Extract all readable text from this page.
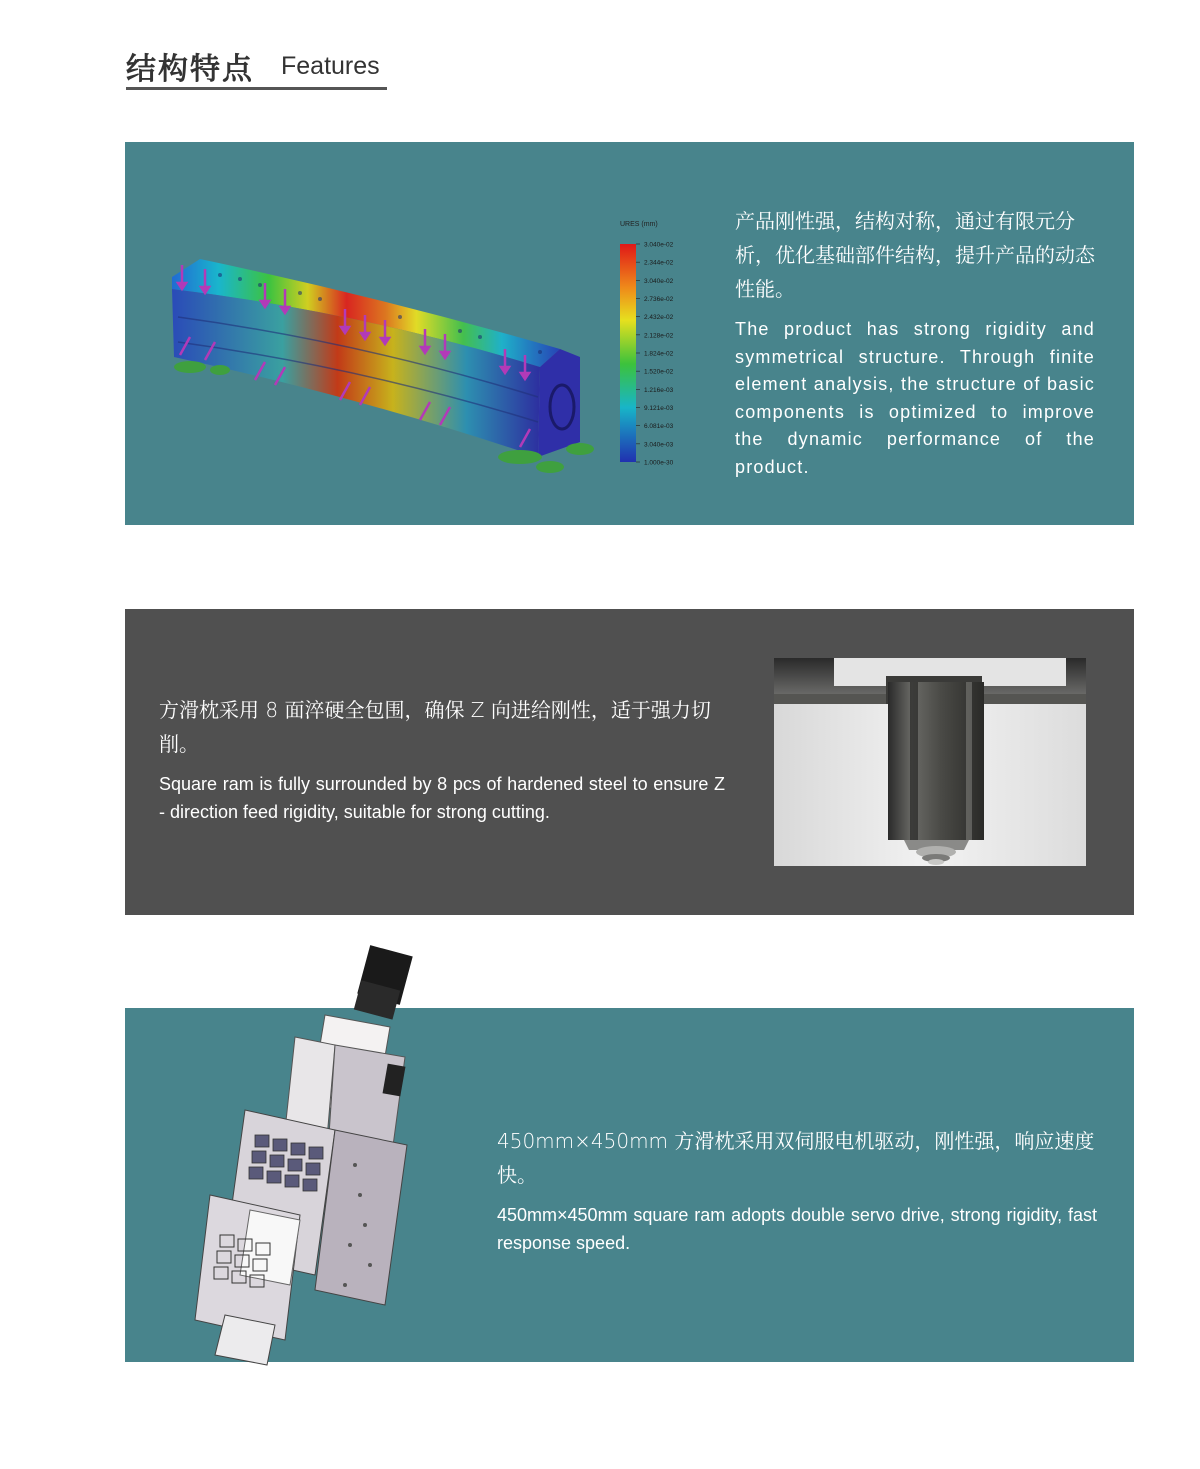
结构特点 Features
URES (mm)
3.040e-02
2.344e-02
3.040e-02
2.736e-02
2.432e-02
2.128e-02
1.824e-02
1.520e-02
1.216e-03
9.121e-03
6.081e-03
3.040e-03
1.000e-30

产品刚性强，结构对称，通过有限元分析，优化基础部件结构，提升产品的动态性能。

The product has strong rigidity and symmetrical structure. Through finite element analysis, the structure of basic components is optimized to improve the dynamic performance of the product.

方滑枕采用 8 面淬硬全包围，确保 Z 向进给刚性，适于强力切削。

Square ram is fully surrounded by 8 pcs of hardened steel to ensure Z - direction feed rigidity, suitable for strong cutting.

450mm×450mm 方滑枕采用双伺服电机驱动，刚性强，响应速度快。

450mm×450mm square ram adopts double servo drive, strong rigidity, fast response speed.
